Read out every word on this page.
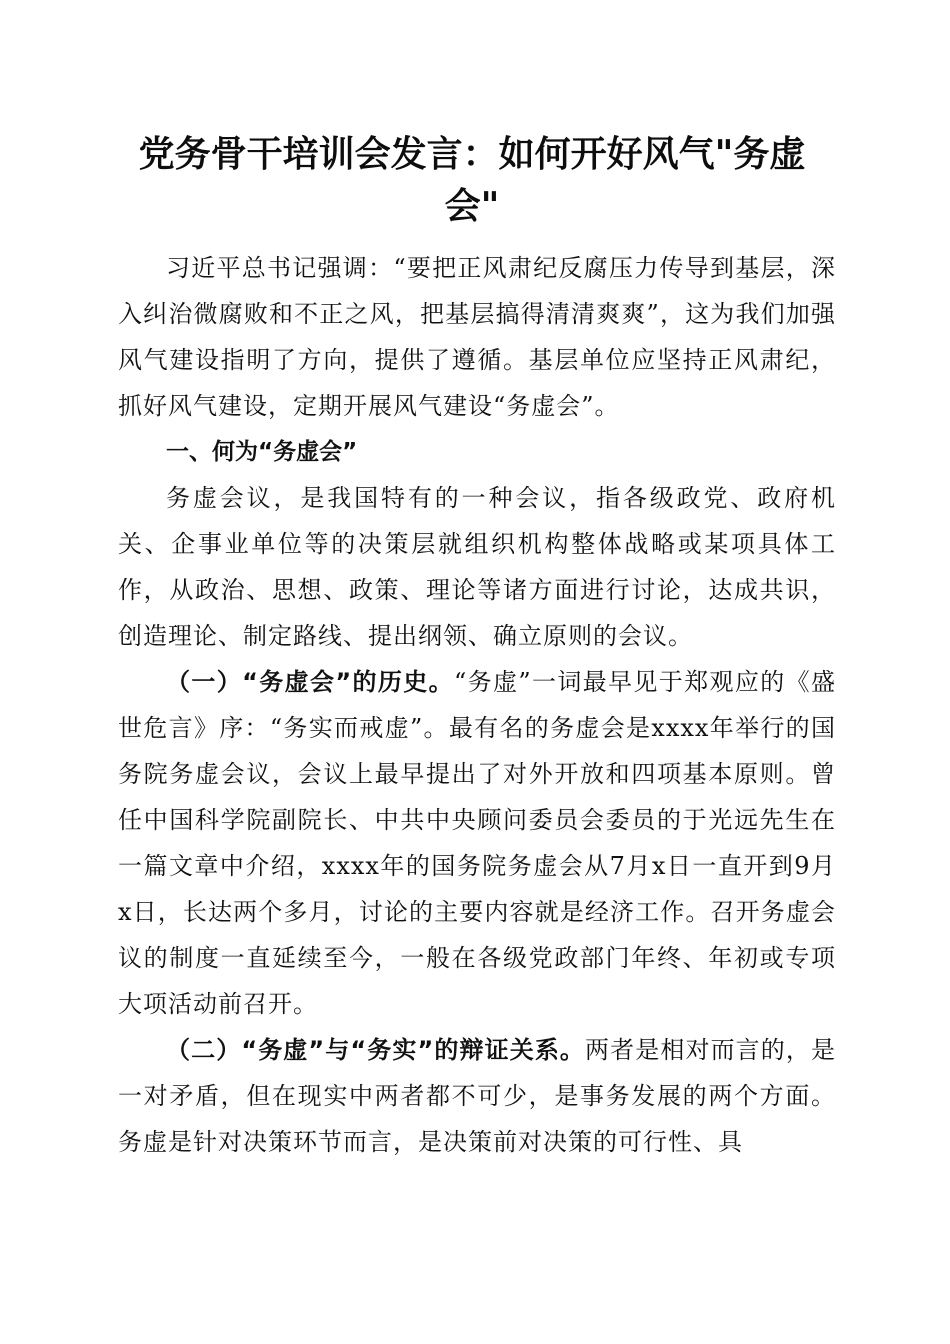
党务骨干培训会发言：如何开好风气"务虚会"

习近平总书记强调：“要把正风肃纪反腐压力传导到基层，深入纠治微腐败和不正之风，把基层搞得清清爽爽”，这为我们加强风气建设指明了方向，提供了遵循。基层单位应坚持正风肃纪，抓好风气建设，定期开展风气建设“务虚会”。

一、何为“务虚会”

务虚会议，是我国特有的一种会议，指各级政党、政府机关、企事业单位等的决策层就组织机构整体战略或某项具体工作，从政治、思想、政策、理论等诸方面进行讨论，达成共识，创造理论、制定路线、提出纲领、确立原则的会议。

（一）“务虚会”的历史。“务虚”一词最早见于郑观应的《盛世危言》序：“务实而戒虚”。最有名的务虚会是xxxx年举行的国务院务虚会议，会议上最早提出了对外开放和四项基本原则。曾任中国科学院副院长、中共中央顾问委员会委员的于光远先生在一篇文章中介绍，xxxx年的国务院务虚会从7月x日一直开到9月x日，长达两个多月，讨论的主要内容就是经济工作。召开务虚会议的制度一直延续至今，一般在各级党政部门年终、年初或专项大项活动前召开。

（二）“务虚”与“务实”的辩证关系。两者是相对而言的，是一对矛盾，但在现实中两者都不可少，是事务发展的两个方面。务虚是针对决策环节而言，是决策前对决策的可行性、具
